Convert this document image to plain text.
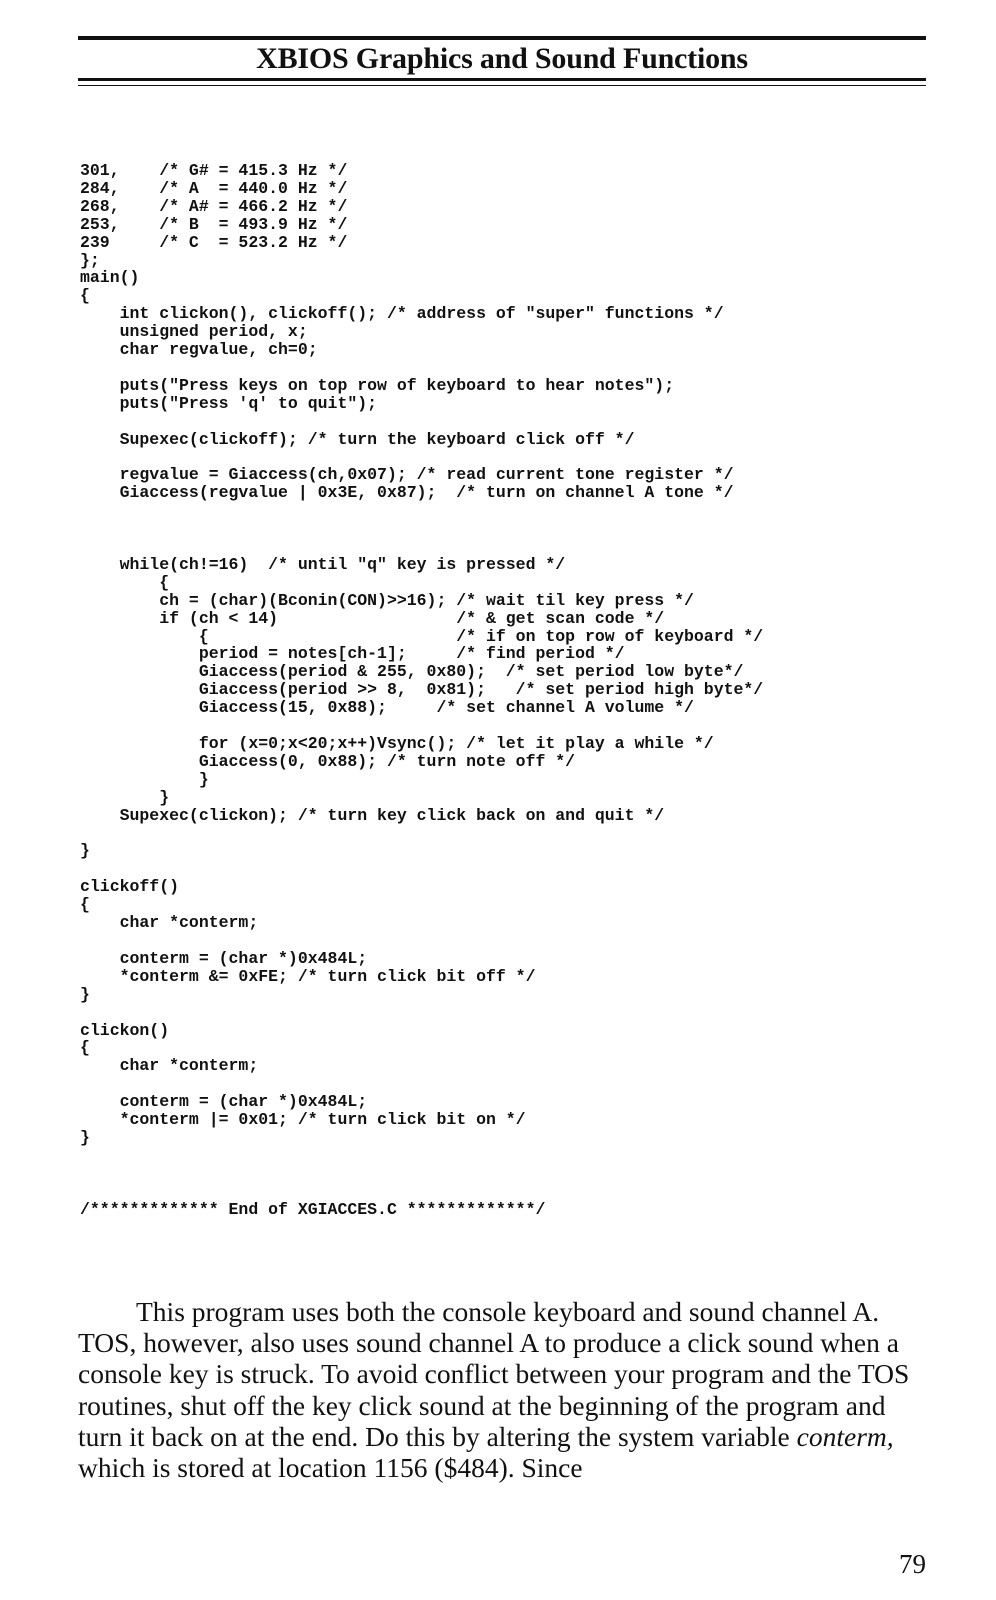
XBIOS Graphics and Sound Functions
301,    /* G# = 415.3 Hz */
284,    /* A  = 440.0 Hz */
268,    /* A# = 466.2 Hz */
253,    /* B  = 493.9 Hz */
239     /* C  = 523.2 Hz */
};
main()
{
int clickon(), clickoff(); /* address of "super" functions */
unsigned period, x;
char regvalue, ch=0;

puts("Press keys on top row of keyboard to hear notes");
puts("Press 'q' to quit");

Supexec(clickoff); /* turn the keyboard click off */

regvalue = Giaccess(ch,0x07); /* read current tone register */
Giaccess(regvalue | 0x3E, 0x87);  /* turn on channel A tone */

while(ch!=16)  /* until "q" key is pressed */
{
ch = (char)(Bconin(CON)>>16); /* wait til key press */
if (ch < 14)                  /* & get scan code */
{                         /* if on top row of keyboard */
period = notes[ch-1];     /* find period */
Giaccess(period & 255, 0x80);  /* set period low byte*/
Giaccess(period >> 8,  0x81);   /* set period high byte*/
Giaccess(15, 0x88);     /* set channel A volume */

for (x=0;x<20;x++)Vsync(); /* let it play a while */
Giaccess(0, 0x88); /* turn note off */
}
}
Supexec(clickon); /* turn key click back on and quit */

}

clickoff()
{
char *conterm;

conterm = (char *)0x484L;
*conterm &= 0xFE; /* turn click bit off */
}

clickon()
{
char *conterm;

conterm = (char *)0x484L;
*conterm |= 0x01; /* turn click bit on */
}

/************* End of XGIACCES.C *************/

This program uses both the console keyboard and sound channel A. TOS, however, also uses sound channel A to produce a click sound when a console key is struck. To avoid conflict between your program and the TOS routines, shut off the key click sound at the beginning of the program and turn it back on at the end. Do this by altering the system variable conterm, which is stored at location 1156 ($484). Since

79
